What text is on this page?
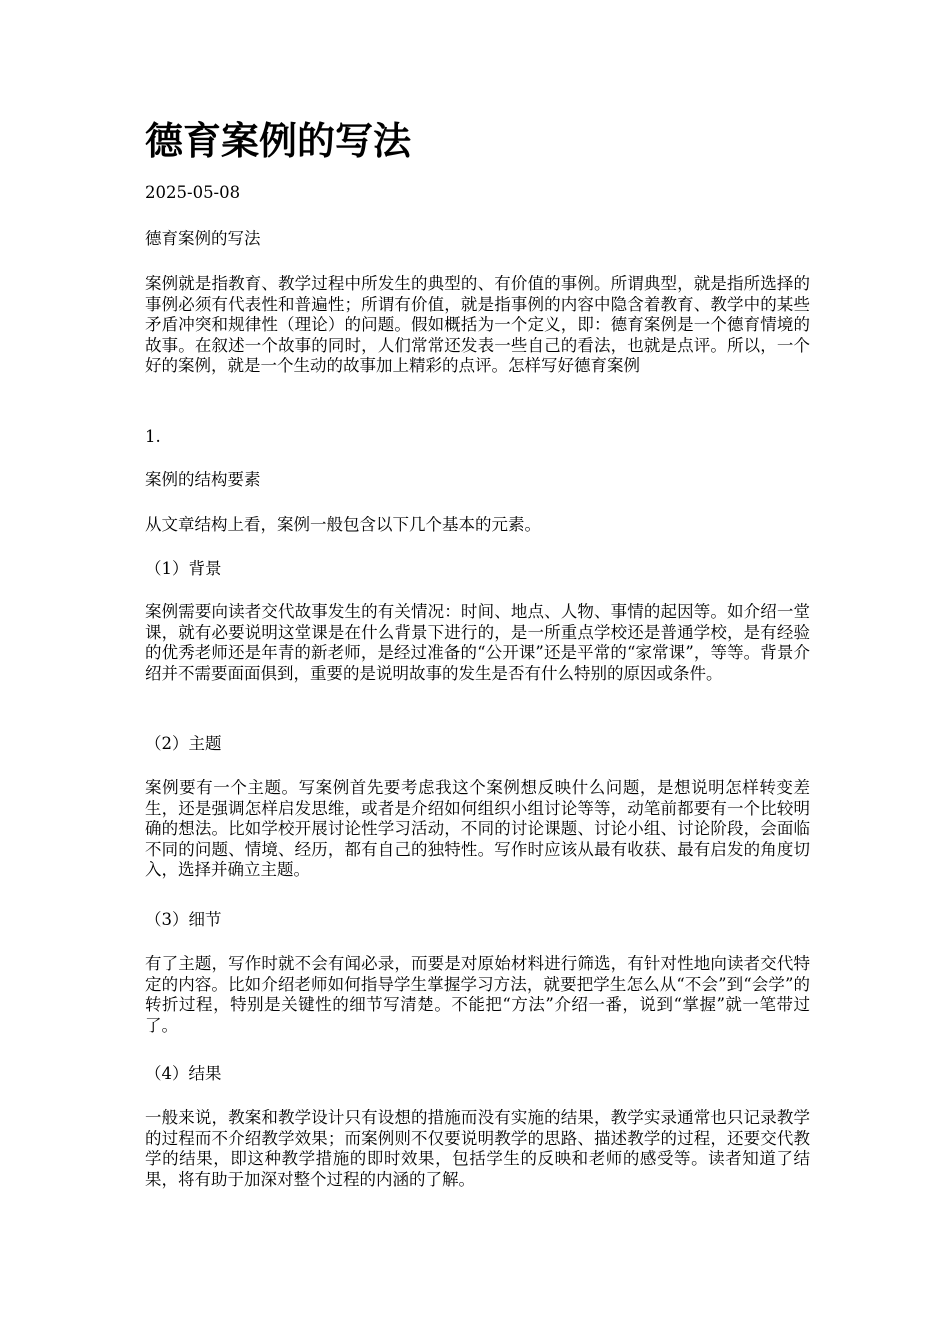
德育案例的写法

2025-05-08

德育案例的写法

案例就是指教育、教学过程中所发生的典型的、有价值的事例。所谓典型，就是指所选择的事例必须有代表性和普遍性；所谓有价值，就是指事例的内容中隐含着教育、教学中的某些矛盾冲突和规律性（理论）的问题。假如概括为一个定义，即：德育案例是一个德育情境的故事。在叙述一个故事的同时，人们常常还发表一些自己的看法，也就是点评。所以，一个好的案例，就是一个生动的故事加上精彩的点评。怎样写好德育案例

1.

案例的结构要素

从文章结构上看，案例一般包含以下几个基本的元素。

（1）背景

案例需要向读者交代故事发生的有关情况：时间、地点、人物、事情的起因等。如介绍一堂课，就有必要说明这堂课是在什么背景下进行的，是一所重点学校还是普通学校，是有经验的优秀老师还是年青的新老师，是经过准备的“公开课”还是平常的“家常课”，等等。背景介绍并不需要面面俱到，重要的是说明故事的发生是否有什么特别的原因或条件。

（2）主题

案例要有一个主题。写案例首先要考虑我这个案例想反映什么问题，是想说明怎样转变差生，还是强调怎样启发思维，或者是介绍如何组织小组讨论等等，动笔前都要有一个比较明确的想法。比如学校开展讨论性学习活动，不同的讨论课题、讨论小组、讨论阶段，会面临不同的问题、情境、经历，都有自己的独特性。写作时应该从最有收获、最有启发的角度切入，选择并确立主题。

（3）细节

有了主题，写作时就不会有闻必录，而要是对原始材料进行筛选，有针对性地向读者交代特定的内容。比如介绍老师如何指导学生掌握学习方法，就要把学生怎么从“不会”到“会学”的转折过程，特别是关键性的细节写清楚。不能把“方法”介绍一番，说到“掌握”就一笔带过了。

（4）结果

一般来说，教案和教学设计只有设想的措施而没有实施的结果，教学实录通常也只记录教学的过程而不介绍教学效果；而案例则不仅要说明教学的思路、描述教学的过程，还要交代教学的结果，即这种教学措施的即时效果，包括学生的反映和老师的感受等。读者知道了结果，将有助于加深对整个过程的内涵的了解。
